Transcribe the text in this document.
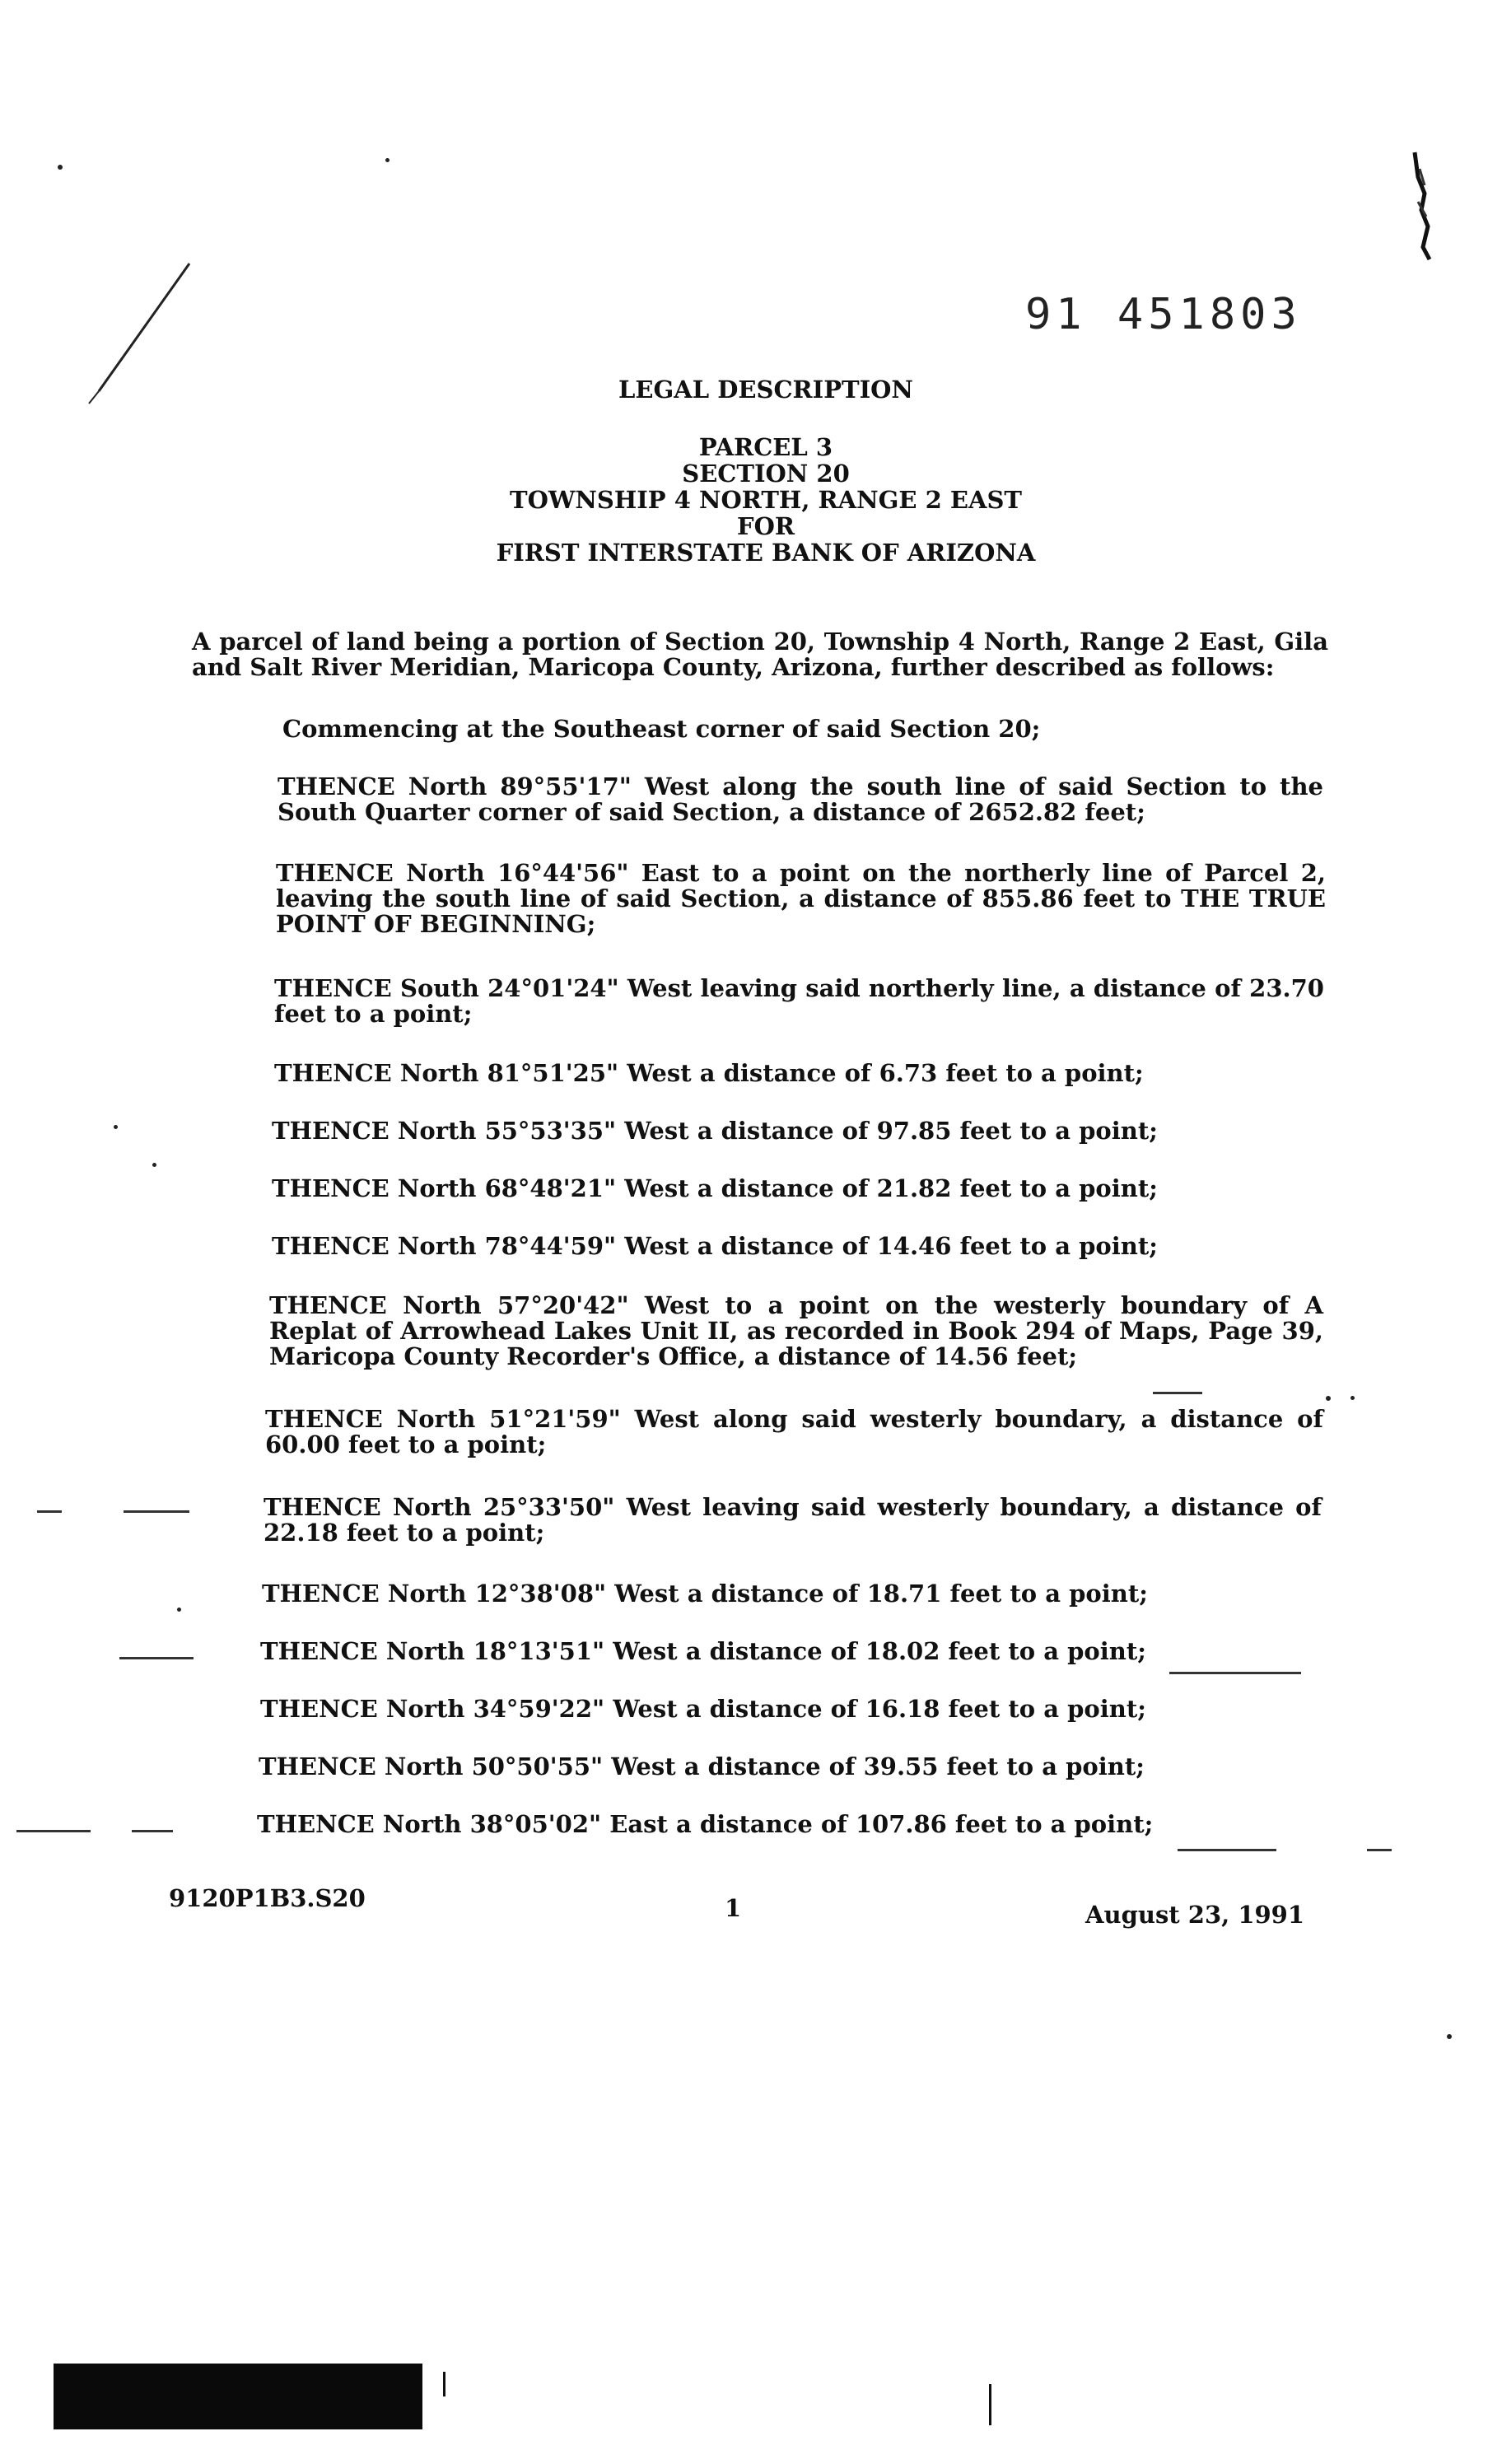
91 451803
LEGAL DESCRIPTION
PARCEL 3
SECTION 20
TOWNSHIP 4 NORTH, RANGE 2 EAST
FOR
FIRST INTERSTATE BANK OF ARIZONA
A parcel of land being a portion of Section 20, Township 4 North, Range 2 East, Gila and Salt River Meridian, Maricopa County, Arizona, further described as follows:
Commencing at the Southeast corner of said Section 20;
THENCE North 89°55'17" West along the south line of said Section to the South Quarter corner of said Section, a distance of 2652.82 feet;
THENCE North 16°44'56" East to a point on the northerly line of Parcel 2, leaving the south line of said Section, a distance of 855.86 feet to THE TRUE POINT OF BEGINNING;
THENCE South 24°01'24" West leaving said northerly line, a distance of 23.70 feet to a point;
THENCE North 81°51'25" West a distance of 6.73 feet to a point;
THENCE North 55°53'35" West a distance of 97.85 feet to a point;
THENCE North 68°48'21" West a distance of 21.82 feet to a point;
THENCE North 78°44'59" West a distance of 14.46 feet to a point;
THENCE North 57°20'42" West to a point on the westerly boundary of A Replat of Arrowhead Lakes Unit II, as recorded in Book 294 of Maps, Page 39, Maricopa County Recorder's Office, a distance of 14.56 feet;
THENCE North 51°21'59" West along said westerly boundary, a distance of 60.00 feet to a point;
THENCE North 25°33'50" West leaving said westerly boundary, a distance of 22.18 feet to a point;
THENCE North 12°38'08" West a distance of 18.71 feet to a point;
THENCE North 18°13'51" West a distance of 18.02 feet to a point;
THENCE North 34°59'22" West a distance of 16.18 feet to a point;
THENCE North 50°50'55" West a distance of 39.55 feet to a point;
THENCE North 38°05'02" East a distance of 107.86 feet to a point;
9120P1B3.S20	1	August 23, 1991
